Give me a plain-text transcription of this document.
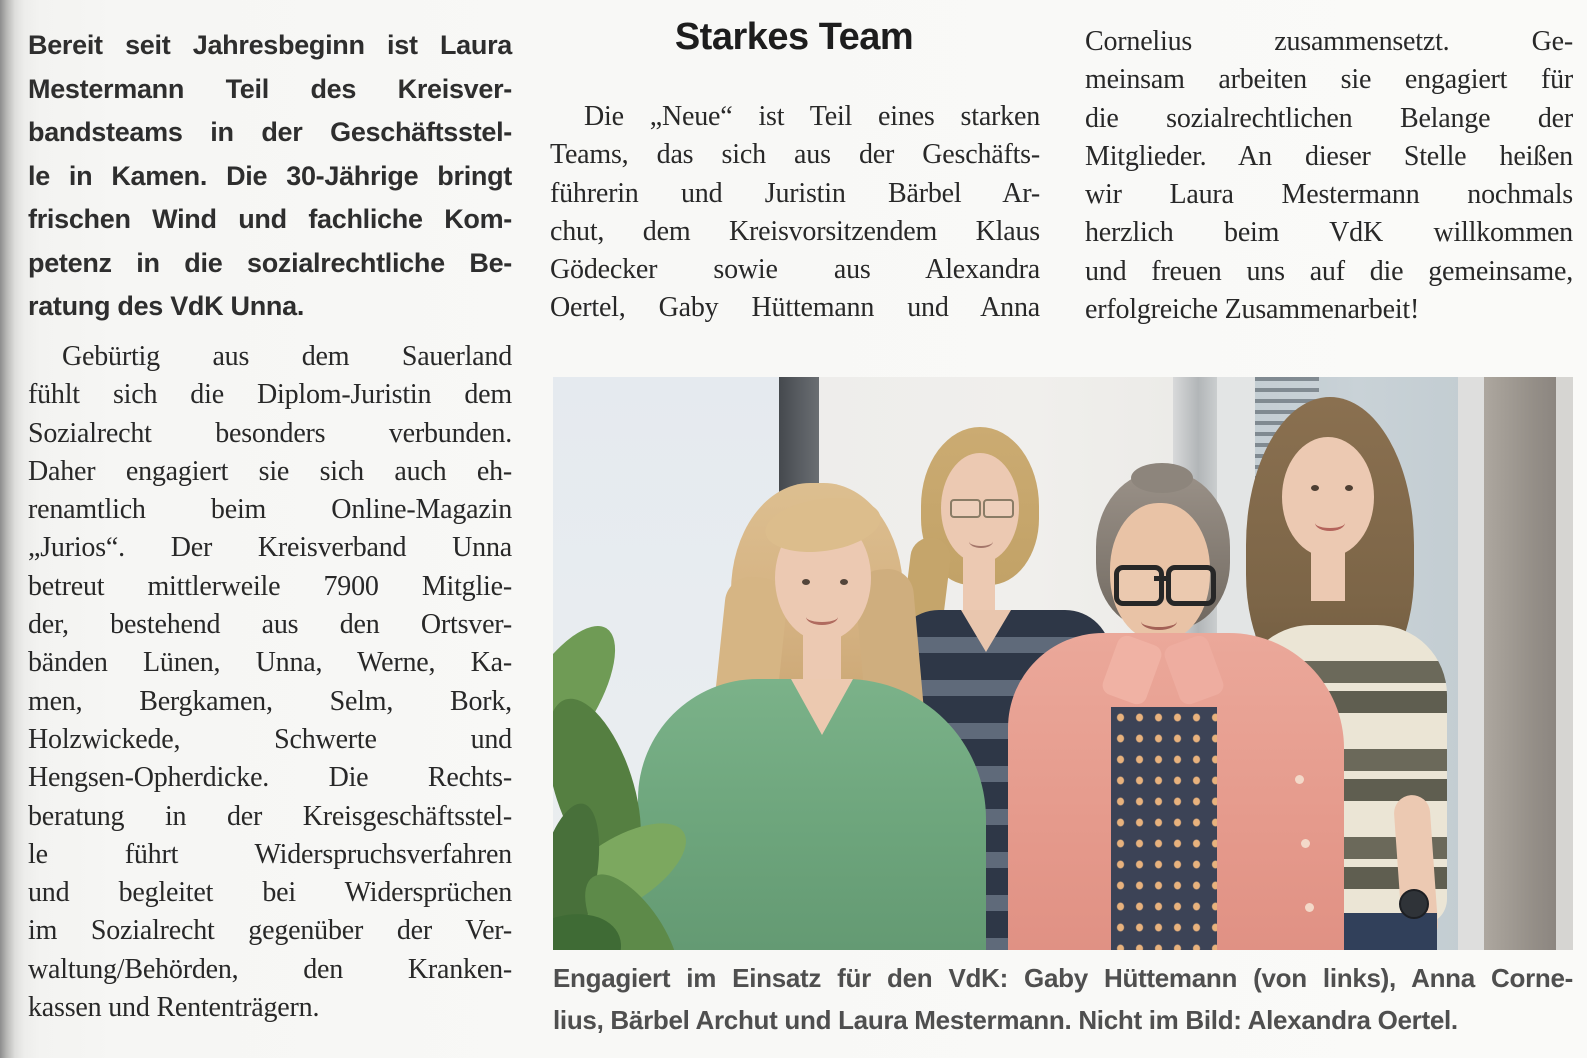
Bereit seit Jahresbeginn ist Laura
Mestermann Teil des Kreisver-
bandsteams in der Geschäftsstel-
le in Kamen. Die 30-Jährige bringt
frischen Wind und fachliche Kom-
petenz in die sozialrechtliche Be-
ratung des VdK Unna.
Gebürtig aus dem Sauerland
fühlt sich die Diplom-Juristin dem
Sozialrecht besonders verbunden.
Daher engagiert sie sich auch eh-
renamtlich beim Online-Magazin
„Jurios“. Der Kreisverband Unna
betreut mittlerweile 7900 Mitglie-
der, bestehend aus den Ortsver-
bänden Lünen, Unna, Werne, Ka-
men, Bergkamen, Selm, Bork,
Holzwickede, Schwerte und
Hengsen-Opherdicke. Die Rechts-
beratung in der Kreisgeschäftsstel-
le führt Widerspruchsverfahren
und begleitet bei Widersprüchen
im Sozialrecht gegenüber der Ver-
waltung/Behörden, den Kranken-
kassen und Rententrägern.
Starkes Team
Die „Neue“ ist Teil eines starken
Teams, das sich aus der Geschäfts-
führerin und Juristin Bärbel Ar-
chut, dem Kreisvorsitzendem Klaus
Gödecker sowie aus Alexandra
Oertel, Gaby Hüttemann und Anna
Cornelius zusammensetzt. Ge-
meinsam arbeiten sie engagiert für
die sozialrechtlichen Belange der
Mitglieder. An dieser Stelle heißen
wir Laura Mestermann nochmals
herzlich beim VdK willkommen
und freuen uns auf die gemeinsame,
erfolgreiche Zusammenarbeit!
Engagiert im Einsatz für den VdK: Gaby Hüttemann (von links), Anna Corne-
lius, Bärbel Archut und Laura Mestermann. Nicht im Bild: Alexandra Oertel.
